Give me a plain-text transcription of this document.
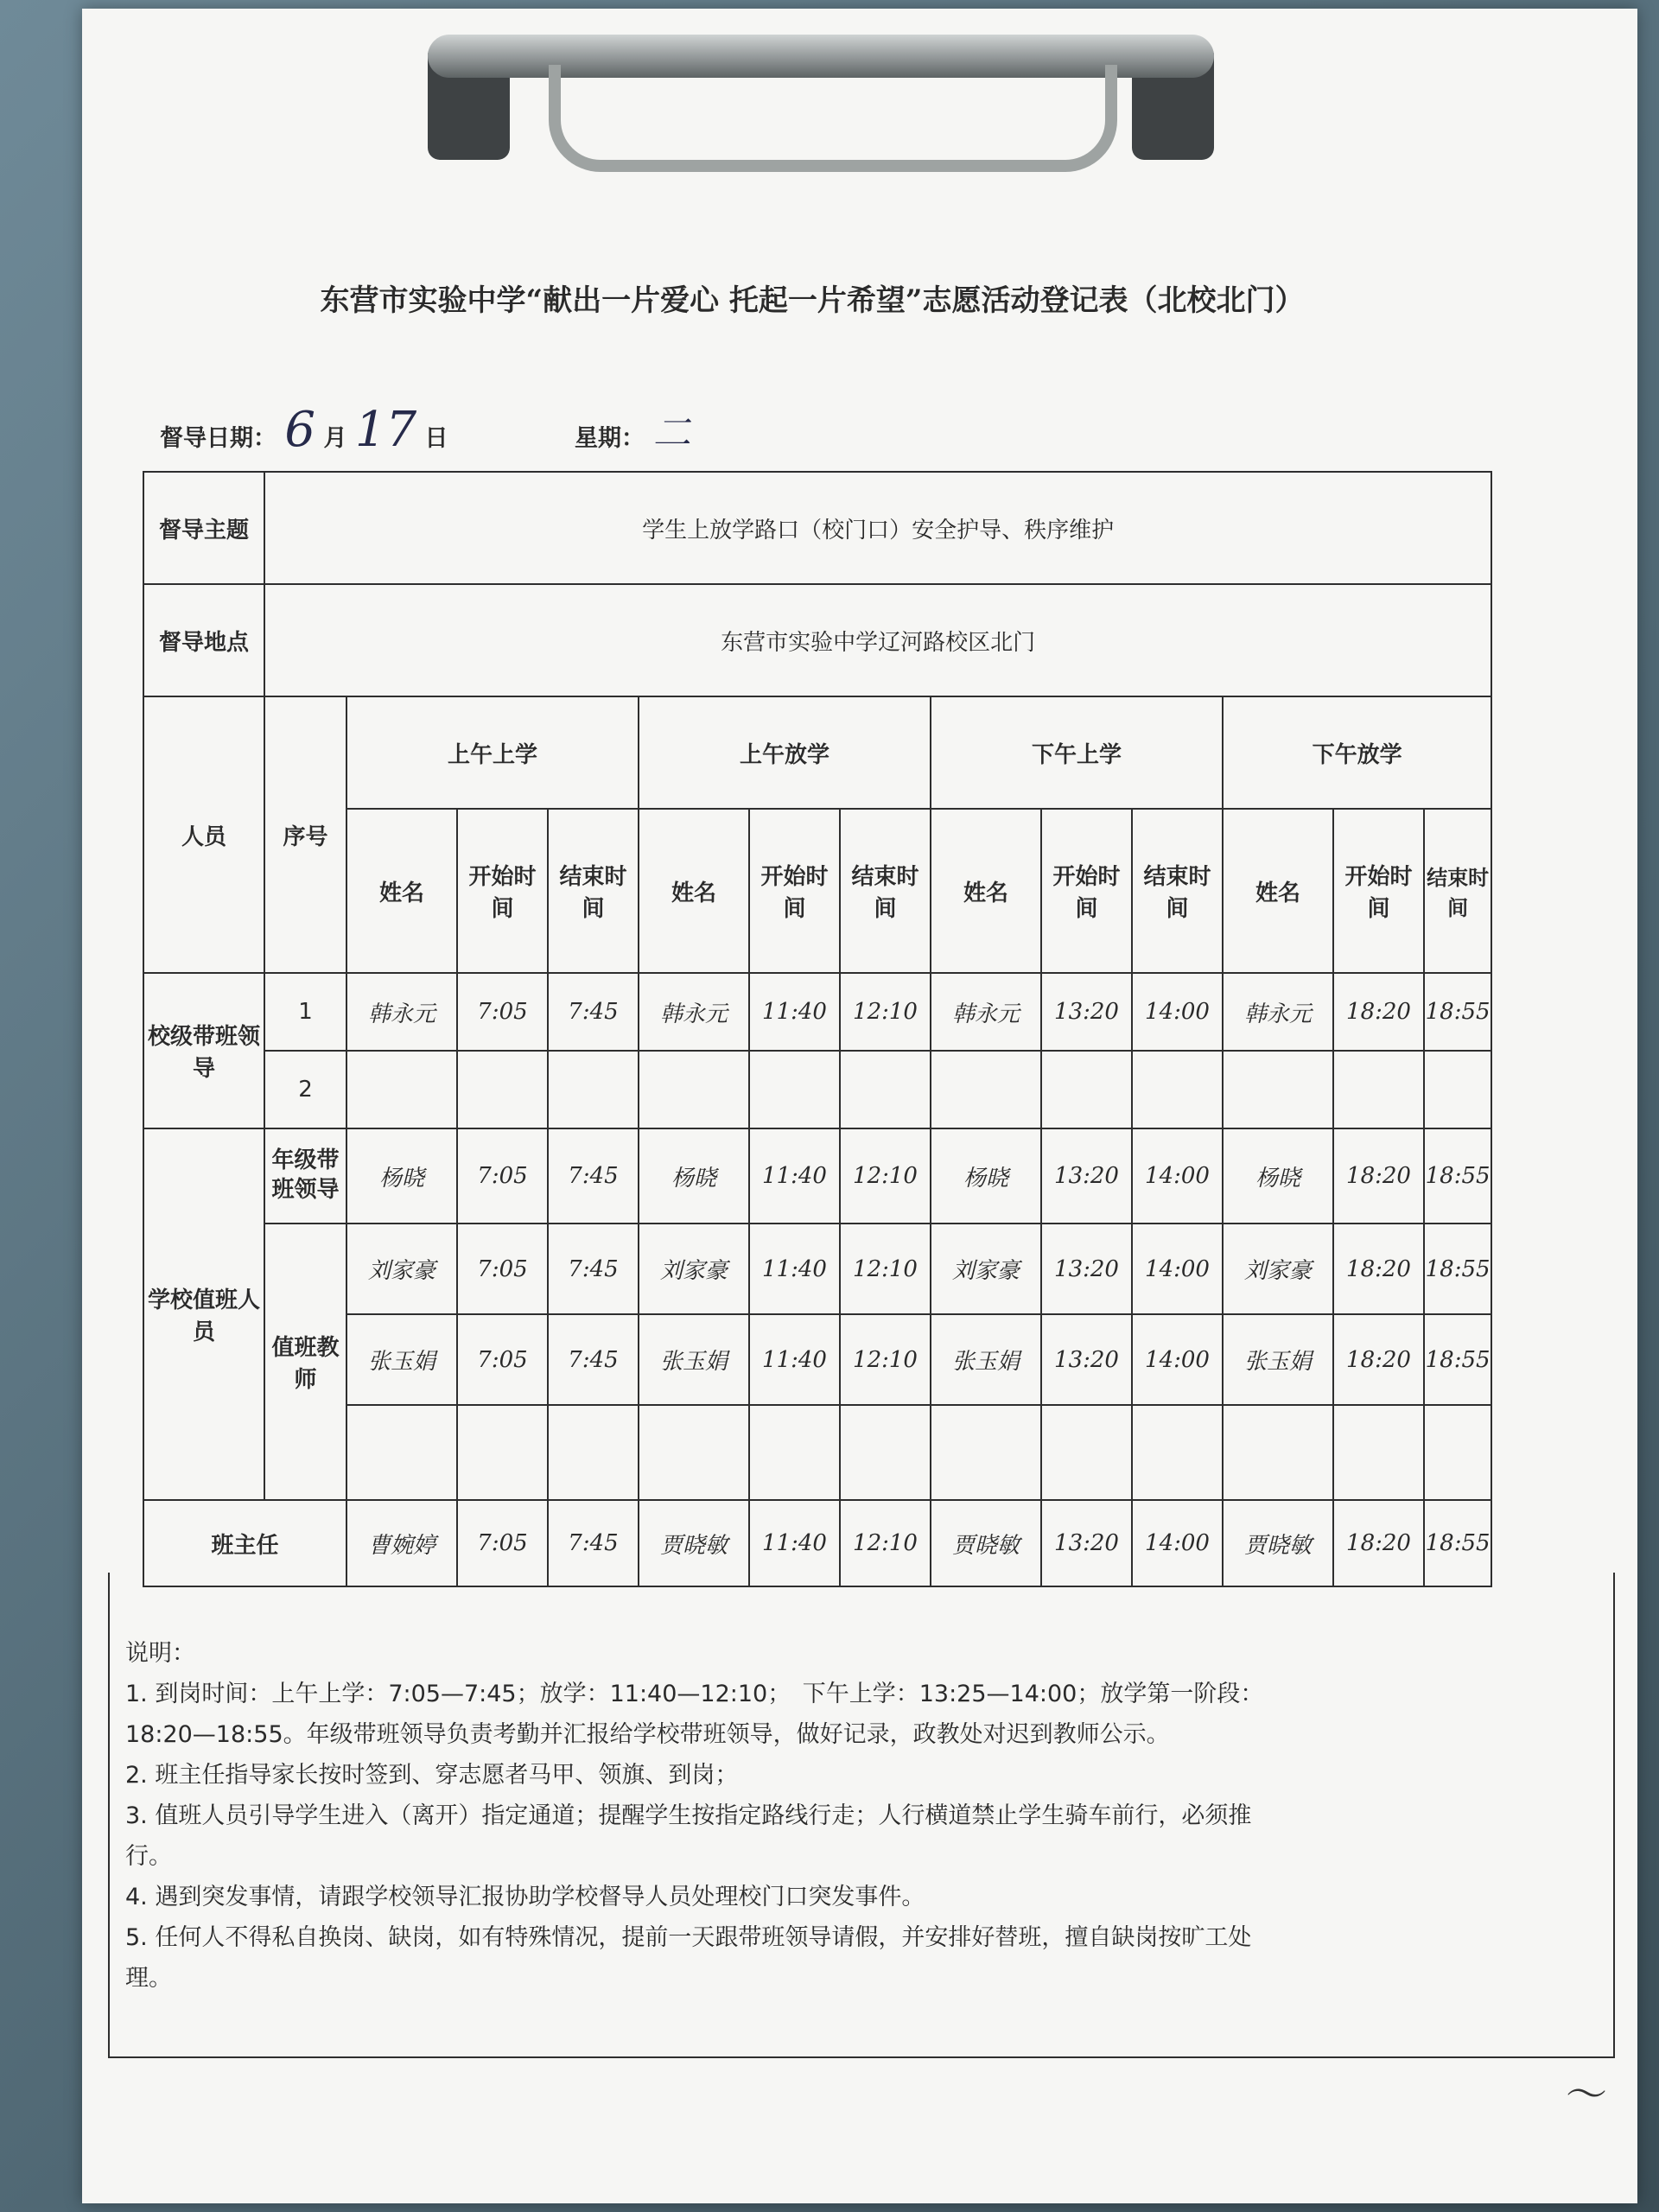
东营市实验中学“献出一片爱心 托起一片希望”志愿活动登记表（北校北门）
督导日期： 6 月 17 日	星期： 二
督导主题	学生上放学路口（校门口）安全护导、秩序维护												
督导地点	东营市实验中学辽河路校区北门												
人员	序号	上午上学			上午放学			下午上学			下午放学		
		姓名	开始时间	结束时间	姓名	开始时间	结束时间	姓名	开始时间	结束时间	姓名	开始时间	结束时间
校级带班领导	1	韩永元	7:05	7:45	韩永元	11:40	12:10	韩永元	13:20	14:00	韩永元	18:20	18:55
	2												
学校值班人员	年级带班领导	杨晓	7:05	7:45	杨晓	11:40	12:10	杨晓	13:20	14:00	杨晓	18:20	18:55
	值班教师	刘家豪	7:05	7:45	刘家豪	11:40	12:10	刘家豪	13:20	14:00	刘家豪	18:20	18:55
		张玉娟	7:05	7:45	张玉娟	11:40	12:10	张玉娟	13:20	14:00	张玉娟	18:20	18:55

班主任		曹婉婷	7:05	7:45	贾晓敏	11:40	12:10	贾晓敏	13:20	14:00	贾晓敏	18:20	18:55
说明：
1. 到岗时间：上午上学：7:05—7:45；放学：11:40—12:10；　下午上学：13:25—14:00；放学第一阶段：
18:20—18:55。年级带班领导负责考勤并汇报给学校带班领导，做好记录，政教处对迟到教师公示。
2. 班主任指导家长按时签到、穿志愿者马甲、领旗、到岗；
3. 值班人员引导学生进入（离开）指定通道；提醒学生按指定路线行走；人行横道禁止学生骑车前行，必须推
行。
4. 遇到突发事情，请跟学校领导汇报协助学校督导人员处理校门口突发事件。
5. 任何人不得私自换岗、缺岗，如有特殊情况，提前一天跟带班领导请假，并安排好替班，擅自缺岗按旷工处
理。
〜
